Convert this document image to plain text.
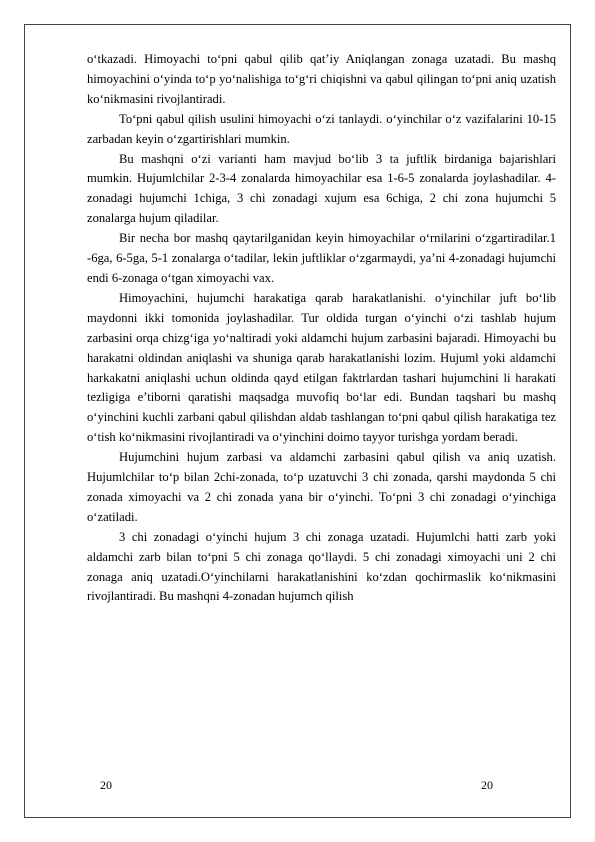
o‘tkazadi. Himoyachi to‘pni qabul qilib qat’iy Aniqlangan zonaga uzatadi. Bu mashq himoyachini o‘yinda to‘p yo‘nalishiga to‘g‘ri chiqishni va qabul qilingan to‘pni aniq uzatish ko‘nikmasini rivojlantiradi.

To‘pni qabul qilish usulini himoyachi o‘zi tanlaydi. o‘yinchilar o‘z vazifalarini 10-15 zarbadan keyin o‘zgartirishlari mumkin.

Bu mashqni o‘zi varianti ham mavjud bo‘lib 3 ta juftlik birdaniga bajarishlari mumkin. Hujumlchilar 2-3-4 zonalarda himoyachilar esa 1-6-5 zonalarda joylashadilar. 4-zonadagi hujumchi 1chiga, 3 chi zonadagi xujum esa 6chiga, 2 chi zona hujumchi 5 zonalarga hujum qiladilar.

Bir necha bor mashq qaytarilganidan keyin himoyachilar o‘rnilarini o‘zgartiradilar.1 -6ga, 6-5ga, 5-1 zonalarga o‘tadilar, lekin juftliklar o‘zgarmaydi, ya’ni 4-zonadagi hujumchi endi 6-zonaga o‘tgan ximoyachi vax.

Himoyachini, hujumchi harakatiga qarab harakatlanishi. o‘yinchilar juft bo‘lib maydonni ikki tomonida joylashadilar. Tur oldida turgan o‘yinchi o‘zi tashlab hujum zarbasini orqa chizg‘iga yo‘naltiradi yoki aldamchi hujum zarbasini bajaradi. Himoyachi bu harakatni oldindan aniqlashi va shuniga qarab harakatlanishi lozim. Hujuml yoki aldamchi harkakatni aniqlashi uchun oldinda qayd etilgan faktrlardan tashari hujumchini li harakati tezligiga e’tiborni qaratishi maqsadga muvofiq bo‘lar edi. Bundan taqshari bu mashq o‘yinchini kuchli zarbani qabul qilishdan aldab tashlangan to‘pni qabul qilish harakatiga tez o‘tish ko‘nikmasini rivojlantiradi va o‘yinchini doimo tayyor turishga yordam beradi.

Hujumchini hujum zarbasi va aldamchi zarbasini qabul qilish va aniq uzatish. Hujumlchilar to‘p bilan 2chi-zonada, to‘p uzatuvchi 3 chi zonada, qarshi maydonda 5 chi zonada ximoyachi va 2 chi zonada yana bir o‘yinchi. To‘pni 3 chi zonadagi o‘yinchiga o‘zatiladi.

3 chi zonadagi o‘yinchi hujum 3 chi zonaga uzatadi. Hujumlchi hatti zarb yoki aldamchi zarb bilan to‘pni 5 chi zonaga qo‘llaydi. 5 chi zonadagi ximoyachi uni 2 chi zonaga aniq uzatadi.O‘yinchilarni harakatlanishini ko‘zdan qochirmaslik ko‘nikmasini rivojlantiradi. Bu mashqni 4-zonadan hujumch qilish

20	20
